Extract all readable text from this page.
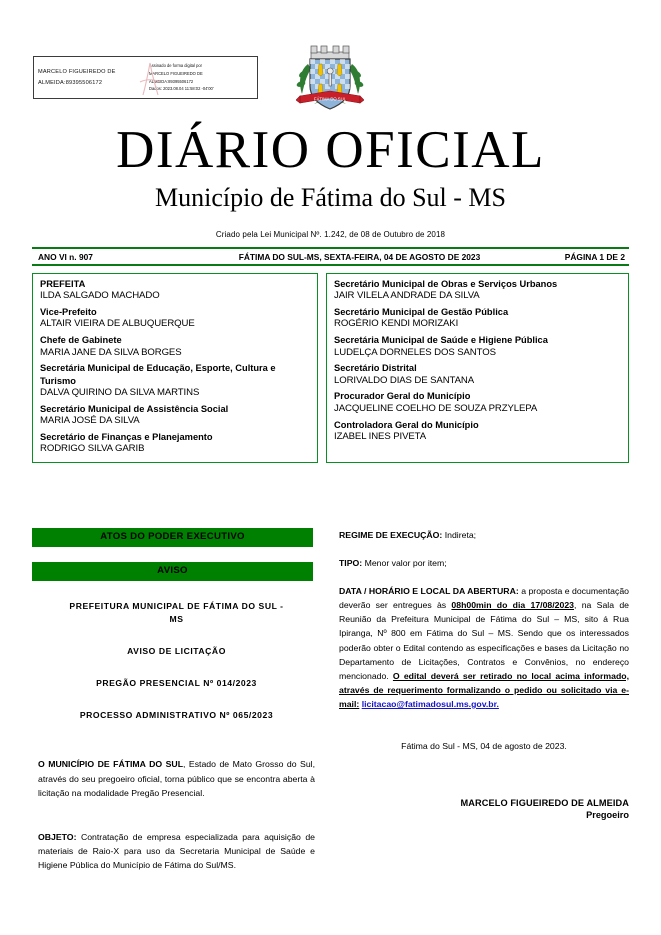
MARCELO FIGUEIREDO DE
ALMEIDA:89395506172
Assinado de forma digital por
MARCELO FIGUEIREDO DE
ALMEIDA:89395506172
Dados: 2023.08.04 11:58:02 -04'00'
FÁTIMA DO SUL
DIÁRIO OFICIAL
Município de Fátima do Sul - MS
Criado pela Lei Municipal Nº. 1.242, de 08 de Outubro de 2018
ANO VI n. 907	FÁTIMA DO SUL-MS, SEXTA-FEIRA, 04 DE AGOSTO DE 2023	PÁGINA 1 DE 2
PREFEITA
ILDA SALGADO MACHADO
Vice-Prefeito
ALTAIR VIEIRA DE ALBUQUERQUE
Chefe de Gabinete
MARIA JANE DA SILVA BORGES
Secretária Municipal de Educação, Esporte, Cultura e Turismo
DALVA QUIRINO DA SILVA MARTINS
Secretário Municipal de Assistência Social
MARIA JOSÉ DA SILVA
Secretário de Finanças e Planejamento
RODRIGO SILVA GARIB
Secretário Municipal de Obras e Serviços Urbanos
JAIR VILELA ANDRADE DA SILVA
Secretário Municipal de Gestão Pública
ROGÉRIO KENDI MORIZAKI
Secretária Municipal de Saúde e Higiene Pública
LUDELÇA DORNELES DOS SANTOS
Secretário Distrital
LORIVALDO DIAS DE SANTANA
Procurador Geral do Município
JACQUELINE COELHO DE SOUZA PRZYLEPA
Controladora Geral do Município
IZABEL INES PIVETA
ATOS DO PODER EXECUTIVO
AVISO
PREFEITURA MUNICIPAL DE FÁTIMA DO SUL -
MS
AVISO DE LICITAÇÃO
PREGÃO PRESENCIAL Nº 014/2023
PROCESSO ADMINISTRATIVO Nº 065/2023
O MUNICÍPIO DE FÁTIMA DO SUL, Estado de Mato Grosso do Sul, através do seu pregoeiro oficial, torna público que se encontra aberta à licitação na modalidade Pregão Presencial.
OBJETO: Contratação de empresa especializada para aquisição de materiais de Raio-X para uso da Secretaria Municipal de Saúde e Higiene Pública do Município de Fátima do Sul/MS.
REGIME DE EXECUÇÃO: Indireta;
TIPO: Menor valor por item;
DATA / HORÁRIO E LOCAL DA ABERTURA: a proposta e documentação deverão ser entregues às 08h00min do dia 17/08/2023, na Sala de Reunião da Prefeitura Municipal de Fátima do Sul – MS, sito á Rua Ipiranga, Nº 800 em Fátima do Sul – MS. Sendo que os interessados poderão obter o Edital contendo as especificações e bases da Licitação no Departamento de Licitações, Contratos e Convênios, no endereço mencionado. O edital deverá ser retirado no local acima informado, através de requerimento formalizando o pedido ou solicitado via e-mail: licitacao@fatimadosul.ms.gov.br.
Fátima do Sul - MS, 04 de agosto de 2023.
MARCELO FIGUEIREDO DE ALMEIDA
Pregoeiro
